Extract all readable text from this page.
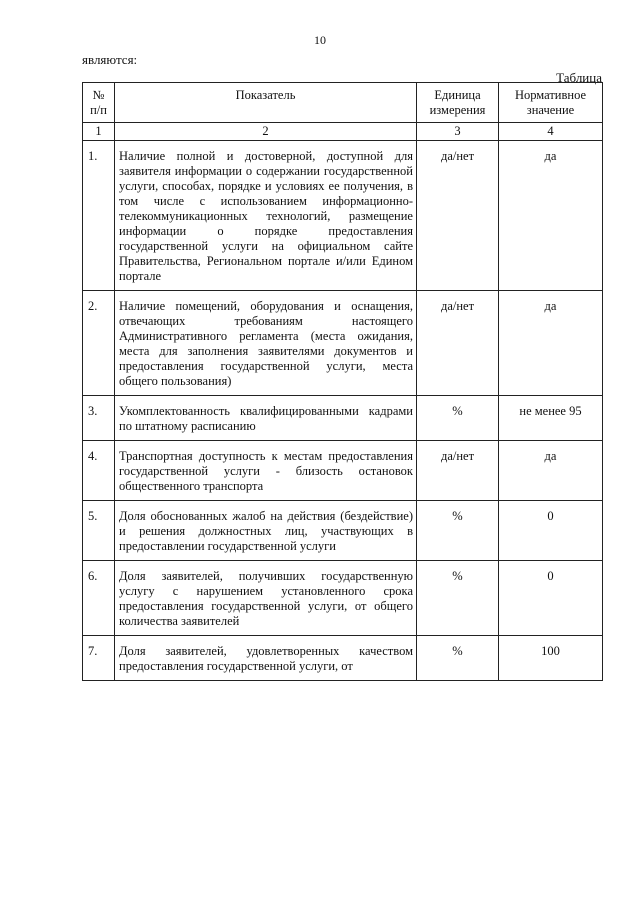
10
являются:
Таблица
№ п/п	Показатель	Единица измерения	Нормативное значение

1	2	3	4

1.	Наличие полной и достоверной, доступной для заявителя информации о содержании государственной услуги, способах, порядке и условиях ее получения, в том числе с использованием информационно-телекоммуникационных технологий, размещение информации о порядке предоставления государственной услуги на официальном сайте Правительства, Региональном портале и/или Едином портале	да/нет	да

2.	Наличие помещений, оборудования и оснащения, отвечающих требованиям настоящего Административного регламента (места ожидания, места для заполнения заявителями документов и предоставления государственной услуги, места общего пользования)	да/нет	да

3.	Укомплектованность квалифицированными кадрами по штатному расписанию	%	не менее 95

4.	Транспортная доступность к местам предоставления государственной услуги - близость остановок общественного транспорта	да/нет	да

5.	Доля обоснованных жалоб на действия (бездействие) и решения должностных лиц, участвующих в предоставлении государственной услуги	%	0

6.	Доля заявителей, получивших государственную услугу с нарушением установленного срока предоставления государственной услуги, от общего количества заявителей	%	0

7.	Доля заявителей, удовлетворенных качеством предоставления государственной услуги, от	%	100
